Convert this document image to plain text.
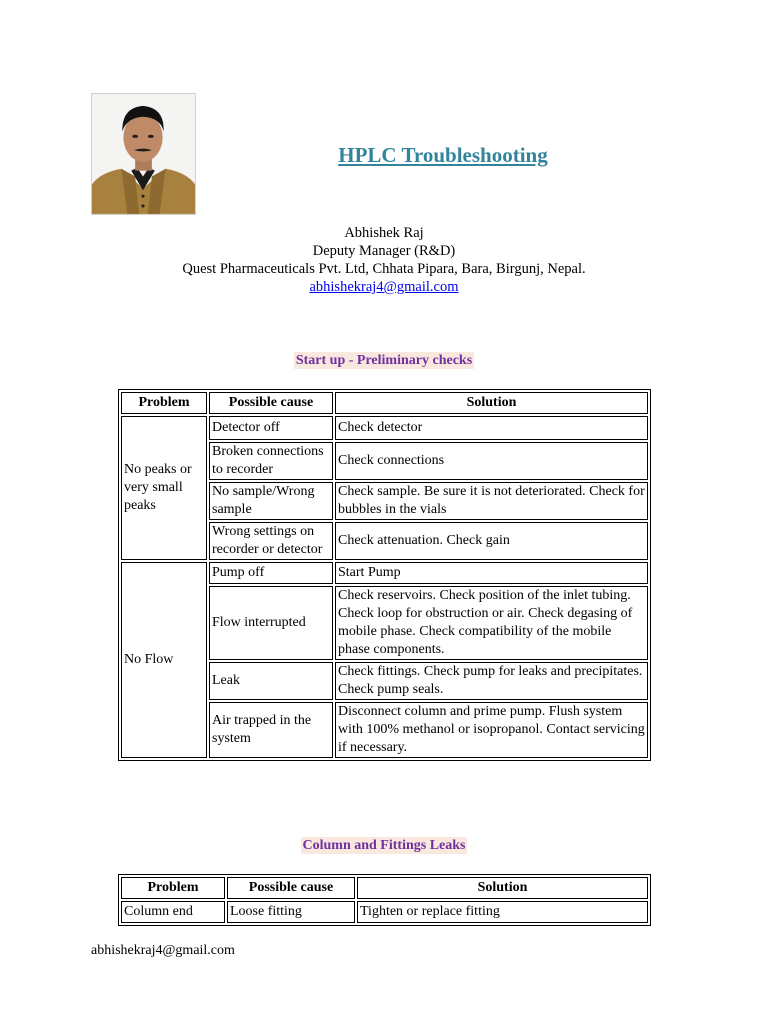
HPLC Troubleshooting
Abhishek Raj
Deputy Manager (R&D)
Quest Pharmaceuticals Pvt. Ltd, Chhata Pipara, Bara, Birgunj, Nepal.
abhishekraj4@gmail.com
Start up - Preliminary checks
Problem	Possible cause	Solution
No peaks or very small peaks	Detector off	Check detector
	Broken connections to recorder	Check connections
	No sample/Wrong sample	Check sample. Be sure it is not deteriorated. Check for bubbles in the vials
	Wrong settings on recorder or detector	Check attenuation. Check gain
No Flow	Pump off	Start Pump
	Flow interrupted	Check reservoirs. Check position of the inlet tubing. Check loop for obstruction or air. Check degasing of mobile phase. Check compatibility of the mobile phase components.
	Leak	Check fittings. Check pump for leaks and precipitates. Check pump seals.
	Air trapped in the system	Disconnect column and prime pump. Flush system with 100% methanol or isopropanol. Contact servicing if necessary.
Column and Fittings Leaks
Problem	Possible cause	Solution
Column end	Loose fitting	Tighten or replace fitting
abhishekraj4@gmail.com
